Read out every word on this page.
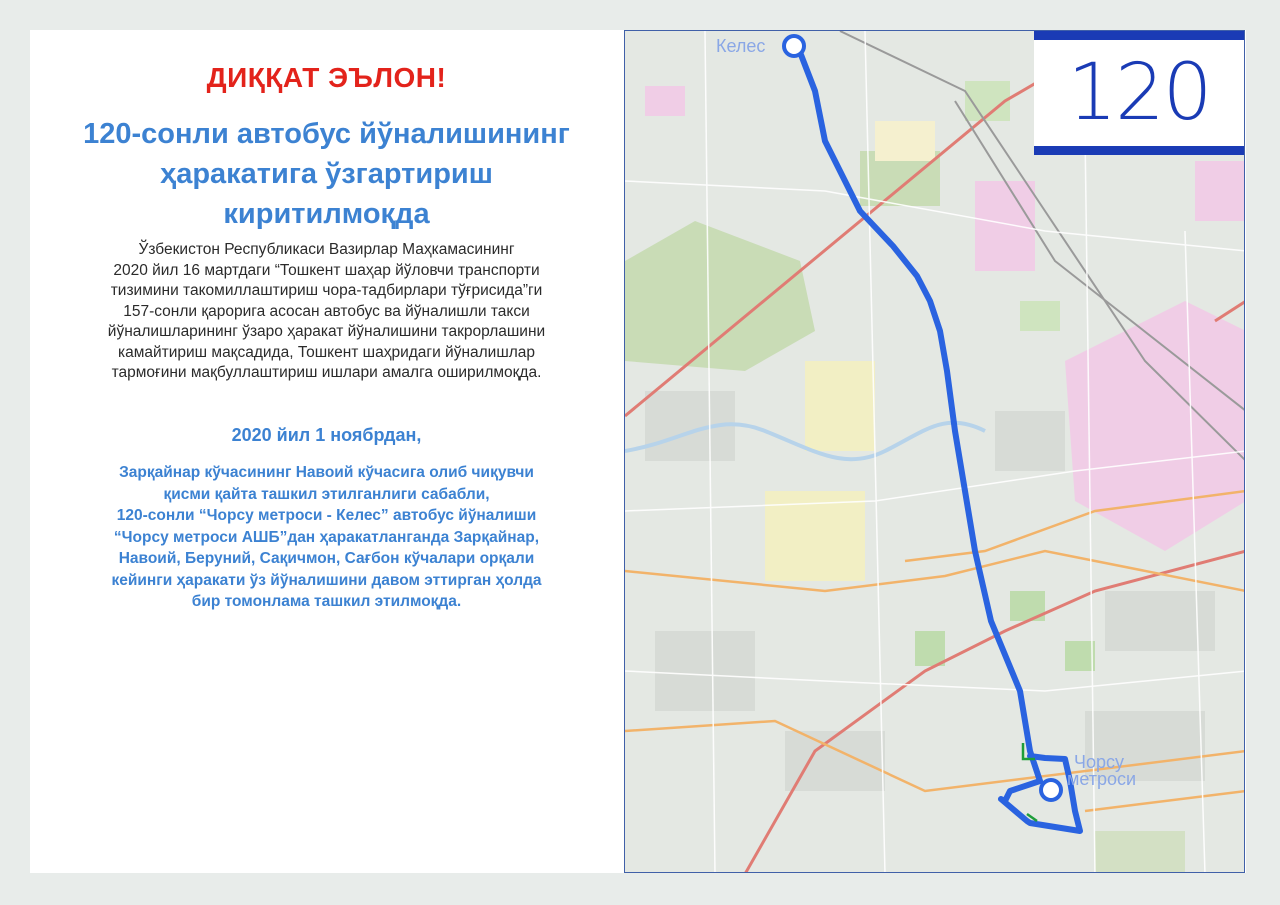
ДИҚҚАТ ЭЪЛОН!
120-сонли автобус йўналишининг
ҳаракатига ўзгартириш
киритилмоқда
Ўзбекистон Республикаси Вазирлар Маҳкамасининг
2020 йил 16 мартдаги “Тошкент шаҳар йўловчи транспорти
тизимини такомиллаштириш чора-тадбирлари тўғрисида”ги
157-сонли қарорига асосан автобус ва йўналишли такси
йўналишларининг ўзаро ҳаракат йўналишини такрорлашини
камайтириш мақсадида, Тошкент шаҳридаги йўналишлар
тармоғини мақбуллаштириш ишлари амалга оширилмоқда.
2020 йил 1 ноябрдан,
Зарқайнар кўчасининг Навоий кўчасига олиб чиқувчи
қисми қайта ташкил этилганлиги сабабли,
120-сонли “Чорсу метроси - Келес” автобус йўналиши
“Чорсу метроси АШБ”дан ҳаракатланганда Зарқайнар,
Навоий, Беруний, Сақичмон, Сағбон кўчалари орқали
кейинги ҳаракати ўз йўналишини давом эттирган ҳолда
бир томонлама ташкил этилмоқда.
Келес
Чорсу
метроси
120
